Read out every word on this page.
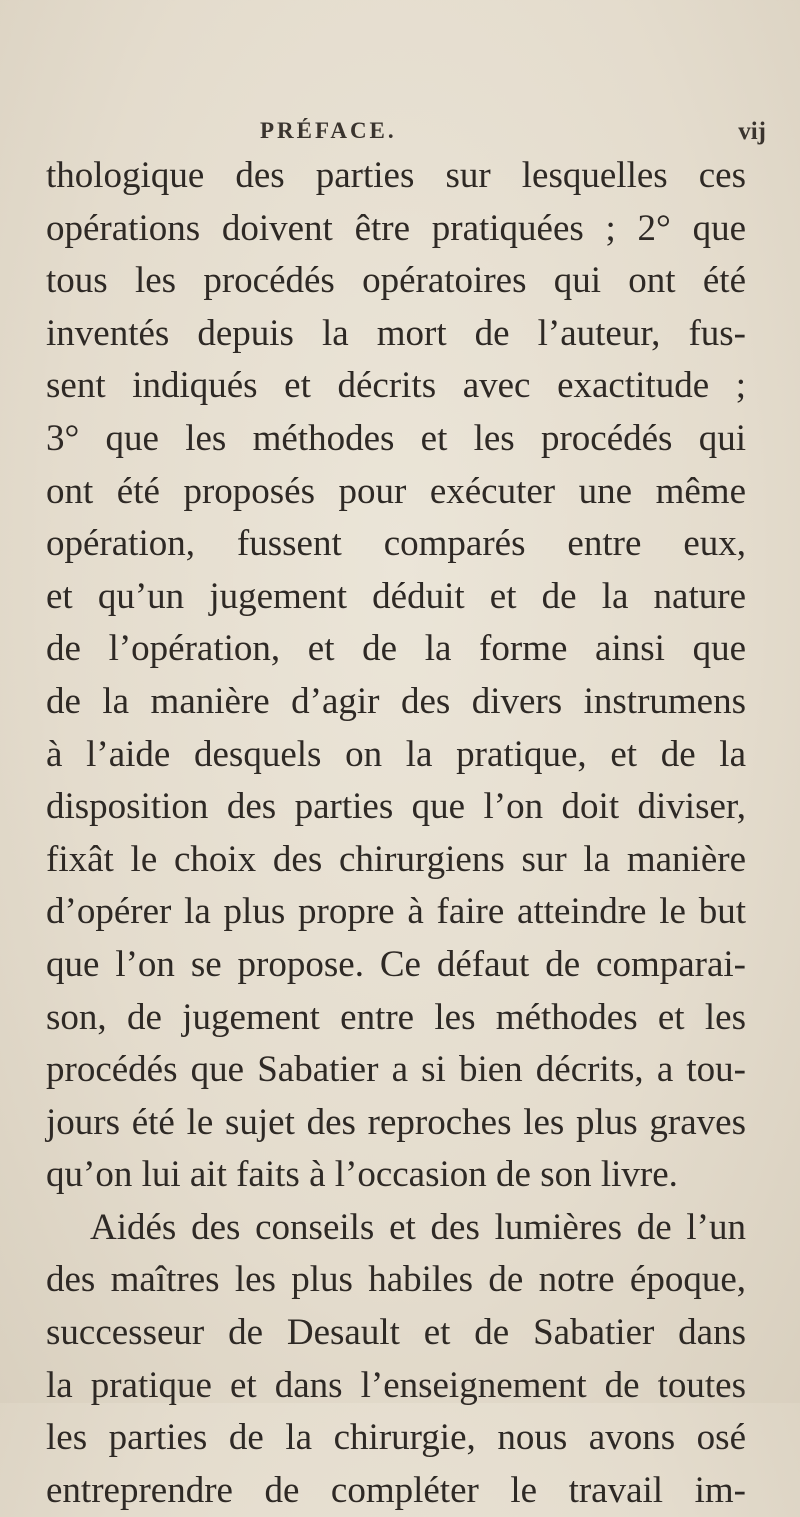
PRÉFACE.	vij
thologique des parties sur lesquelles ces
opérations doivent être pratiquées ; 2° que
tous les procédés opératoires qui ont été
inventés depuis la mort de l’auteur, fus-
sent indiqués et décrits avec exactitude ;
3° que les méthodes et les procédés qui
ont été proposés pour exécuter une même
opération, fussent comparés entre eux,
et qu’un jugement déduit et de la nature
de l’opération, et de la forme ainsi que
de la manière d’agir des divers instrumens
à l’aide desquels on la pratique, et de la
disposition des parties que l’on doit diviser,
fixât le choix des chirurgiens sur la manière
d’opérer la plus propre à faire atteindre le but
que l’on se propose. Ce défaut de comparai-
son, de jugement entre les méthodes et les
procédés que Sabatier a si bien décrits, a tou-
jours été le sujet des reproches les plus graves
qu’on lui ait faits à l’occasion de son livre.
Aidés des conseils et des lumières de l’un
des maîtres les plus habiles de notre époque,
successeur de Desault et de Sabatier dans
la pratique et dans l’enseignement de toutes
les parties de la chirurgie, nous avons osé
entreprendre de compléter le travail im-
